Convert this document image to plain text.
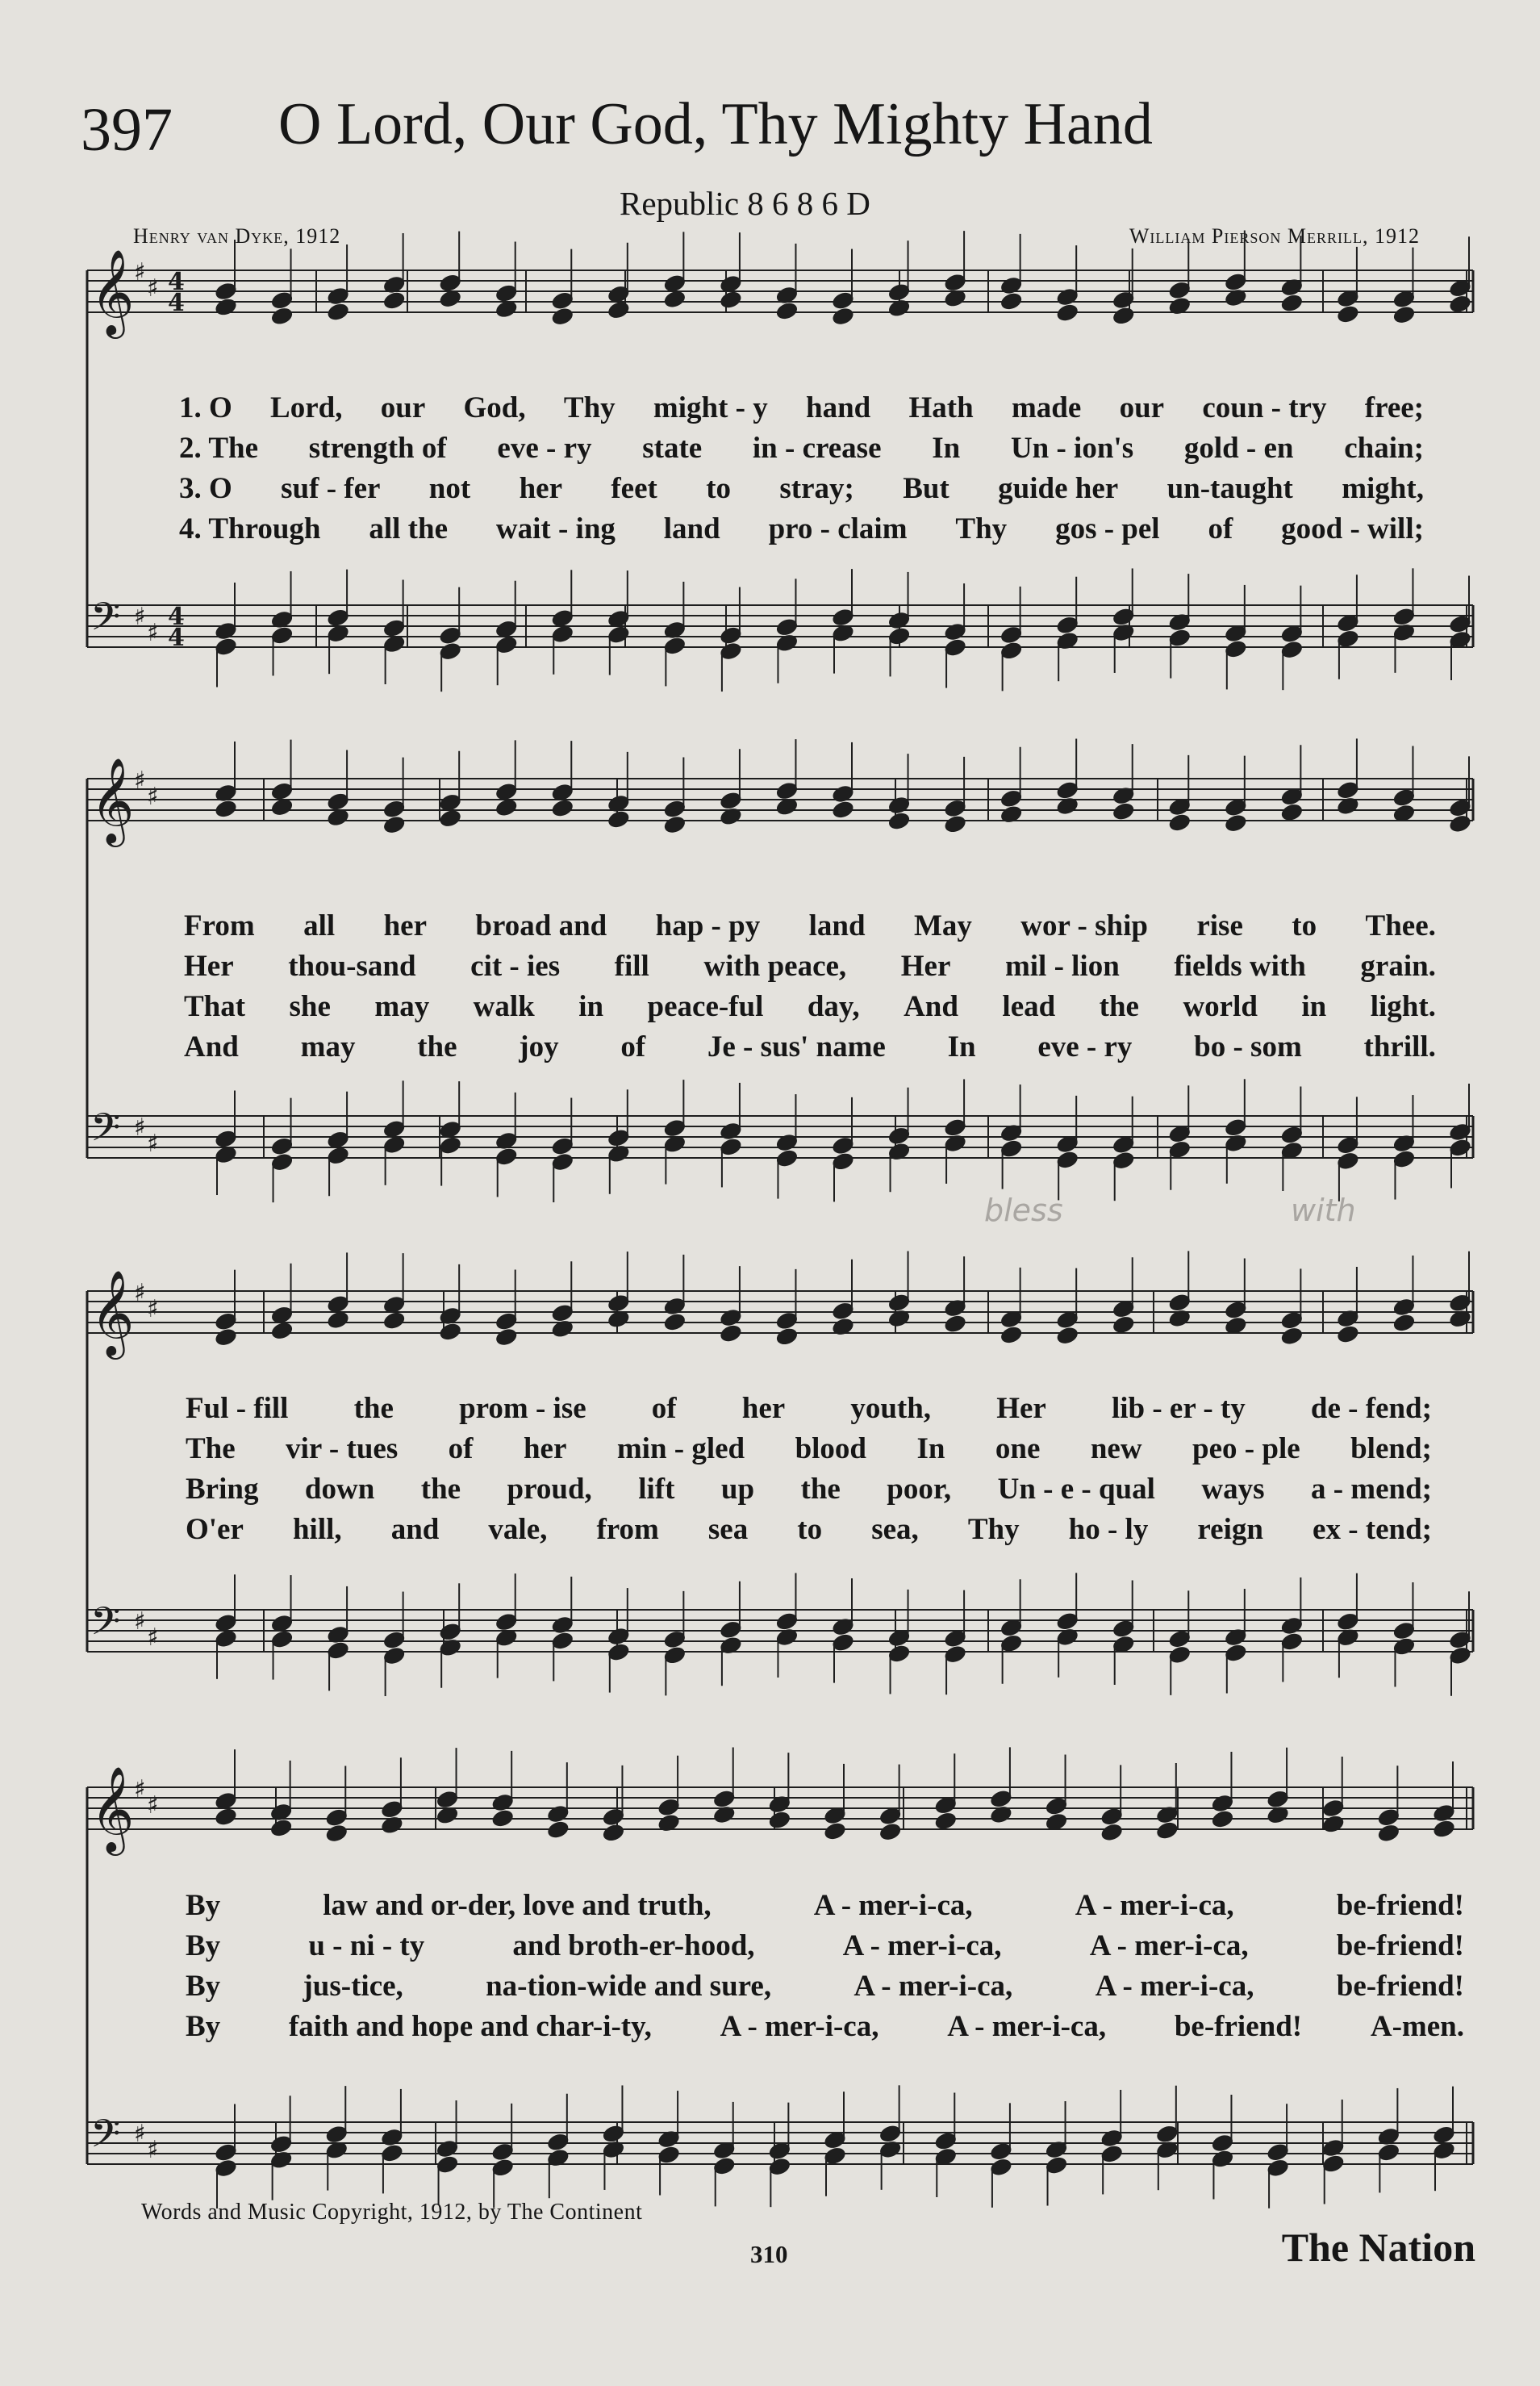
397 O Lord, Our God, Thy Mighty Hand
Republic 8 6 8 6 D
Henry van Dyke, 1912	William Pierson Merrill, 1912
𝄞 ♯
♯ 4
4
𝄢 ♯
♯
4
4
𝄞 ♯
♯
𝄢 ♯
♯
𝄞 ♯
♯
𝄢 ♯
♯
𝄞 ♯
♯
𝄢 ♯
♯
1. O Lord, our God, Thy might - y hand Hath made our coun - try free;
2. The strength of eve - ry state in - crease In Un - ion's gold - en chain;
3. O suf - fer not her feet to stray; But guide her un-taught might,
4. Through all the wait - ing land pro - claim Thy gos - pel of good - will;
From all her broad and hap - py land May wor - ship rise to Thee.
Her thou-sand cit - ies fill with peace, Her mil - lion fields with grain.
That she may walk in peace-ful day, And lead the world in light.
And may the joy of Je - sus' name In eve - ry bo - som thrill.
Ful - fill the prom - ise of her youth, Her lib - er - ty de - fend;
The vir - tues of her min - gled blood In one new peo - ple blend;
Bring down the proud, lift up the poor, Un - e - qual ways a - mend;
O'er hill, and vale, from sea to sea, Thy ho - ly reign ex - tend;
By	law and or-der, love and truth,	A - mer-i-ca,	A - mer-i-ca,	be-friend!
By	u - ni - ty	and broth-er-hood,	A - mer-i-ca,	A - mer-i-ca,	be-friend!
By	jus-tice,	na-tion-wide and sure,	A - mer-i-ca,	A - mer-i-ca,	be-friend!
By faith and hope and char-i-ty, A - mer-i-ca, A - mer-i-ca, be-friend! A-men.
bless	with
Words and Music Copyright, 1912, by The Continent
310	The Nation
